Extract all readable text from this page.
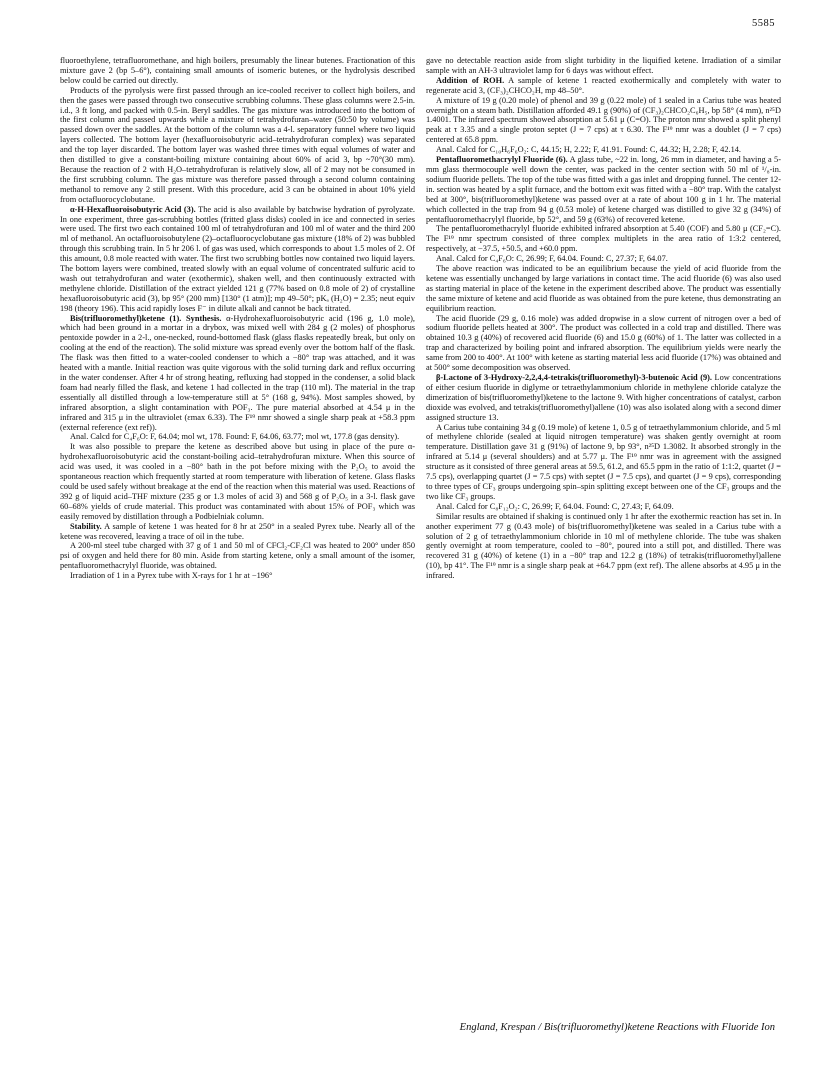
5585

fluoroethylene, tetrafluoromethane, and high boilers, presumably the linear butenes. Fractionation of this mixture gave 2 (bp 5–6°), containing small amounts of isomeric butenes, or the hydrolysis described below could be carried out directly.

Products of the pyrolysis were first passed through an ice-cooled receiver to collect high boilers, and then the gases were passed through two consecutive scrubbing columns. These glass columns were 2.5-in. i.d., 3 ft long, and packed with 0.5-in. Beryl saddles. The gas mixture was introduced into the bottom of the first column and passed upwards while a mixture of tetrahydrofuran–water (50:50 by volume) was passed down over the saddles. At the bottom of the column was a 4-l. separatory funnel where two liquid layers collected. The bottom layer (hexafluoroisobutyric acid–tetrahydrofuran complex) was separated and the top layer discarded. The bottom layer was washed three times with equal volumes of water and then distilled to give a constant-boiling mixture containing about 60% of acid 3, bp ~70°(30 mm). Because the reaction of 2 with H₂O–tetrahydrofuran is relatively slow, all of 2 may not be consumed in the first scrubbing column. The gas mixture was therefore passed through a second column containing methanol to remove any 2 still present. With this procedure, acid 3 can be obtained in about 10% yield from octafluorocyclobutane.

α-H-Hexafluoroisobutyric Acid (3). The acid is also available by batchwise hydration of pyrolyzate. In one experiment, three gas-scrubbing bottles (fritted glass disks) cooled in ice and connected in series were used. The first two each contained 100 ml of tetrahydrofuran and 100 ml of water and the third 200 ml of methanol. An octafluoroisobutylene (2)–octafluorocyclobutane gas mixture (18% of 2) was bubbled through this scrubbing train. In 5 hr 206 l. of gas was used, which corresponds to about 1.5 moles of 2. Of this amount, 0.8 mole reacted with water. The first two scrubbing bottles now contained two liquid layers. The bottom layers were combined, treated slowly with an equal volume of concentrated sulfuric acid to wash out tetrahydrofuran and water (exothermic), shaken well, and then continuously extracted with methylene chloride. Distillation of the extract yielded 121 g (77% based on 0.8 mole of 2) of crystalline hexafluoroisobutyric acid (3), bp 95° (200 mm) [130° (1 atm)]; mp 49–50°; pKₐ (H₂O) = 2.35; neut equiv 198 (theory 196). This acid rapidly loses F⁻ in dilute alkali and cannot be back titrated.

Bis(trifluoromethyl)ketene (1). Synthesis. α-Hydrohexafluoroisobutyric acid (196 g, 1.0 mole), which had been ground in a mortar in a drybox, was mixed well with 284 g (2 moles) of phosphorus pentoxide powder in a 2-l., one-necked, round-bottomed flask (glass flasks repeatedly break, but only on cooling at the end of the reaction). The solid mixture was spread evenly over the bottom half of the flask. The flask was then fitted to a water-cooled condenser to which a −80° trap was attached, and it was heated with a mantle. Initial reaction was quite vigorous with the solid turning dark and reflux occurring in the water condenser. After 4 hr of strong heating, refluxing had stopped in the condenser, a solid black foam had nearly filled the flask, and ketene 1 had collected in the trap (110 ml). The material in the trap essentially all distilled through a low-temperature still at 5° (168 g, 94%). Most samples showed, by infrared absorption, a slight contamination with POF₃. The pure material absorbed at 4.54 μ in the infrared and 315 μ in the ultraviolet (εmax 6.33). The F¹⁹ nmr showed a single sharp peak at +58.3 ppm (external reference (ext ref)).

Anal. Calcd for C₄F₆O: F, 64.04; mol wt, 178. Found: F, 64.06, 63.77; mol wt, 177.8 (gas density).

It was also possible to prepare the ketene as described above but using in place of the pure α-hydrohexafluoroisobutyric acid the constant-boiling acid–tetrahydrofuran mixture. When this source of acid was used, it was cooled in a −80° bath in the pot before mixing with the P₂O₅ to avoid the spontaneous reaction which frequently started at room temperature with liberation of ketene. Glass flasks could be used safely without breakage at the end of the reaction when this material was used. Reactions of 392 g of liquid acid–THF mixture (235 g or 1.3 moles of acid 3) and 568 g of P₂O₅ in a 3-l. flask gave 60–68% yields of crude material. This product was contaminated with about 15% of POF₃ which was easily removed by distillation through a Podbielniak column.

Stability. A sample of ketene 1 was heated for 8 hr at 250° in a sealed Pyrex tube. Nearly all of the ketene was recovered, leaving a trace of oil in the tube.

A 200-ml steel tube charged with 37 g of 1 and 50 ml of CFCl₂-CF₂Cl was heated to 200° under 850 psi of oxygen and held there for 80 min. Aside from starting ketene, only a small amount of the isomer, pentafluoromethacrylyl fluoride, was obtained.

Irradiation of 1 in a Pyrex tube with X-rays for 1 hr at −196°

gave no detectable reaction aside from slight turbidity in the liquified ketene. Irradiation of a similar sample with an AH-3 ultraviolet lamp for 6 days was without effect.

Addition of ROH. A sample of ketene 1 reacted exothermically and completely with water to regenerate acid 3, (CF₃)₂CHCO₂H, mp 48–50°.

A mixture of 19 g (0.20 mole) of phenol and 39 g (0.22 mole) of 1 sealed in a Carius tube was heated overnight on a steam bath. Distillation afforded 49.1 g (90%) of (CF₃)₂CHCO₂C₆H₅, bp 58° (4 mm), n²⁵D 1.4001. The infrared spectrum showed absorption at 5.61 μ (C=O). The proton nmr showed a split phenyl peak at τ 3.35 and a single proton septet (J = 7 cps) at τ 6.30. The F¹⁹ nmr was a doublet (J = 7 cps) centered at 65.8 ppm.

Anal. Calcd for C₁₀H₆F₆O₂: C, 44.15; H, 2.22; F, 41.91. Found: C, 44.32; H, 2.28; F, 42.14.

Pentafluoromethacrylyl Fluoride (6). A glass tube, ~22 in. long, 26 mm in diameter, and having a 5-mm glass thermocouple well down the center, was packed in the center section with 50 ml of ¹/₈-in. sodium fluoride pellets. The top of the tube was fitted with a gas inlet and dropping funnel. The center 12-in. section was heated by a split furnace, and the bottom exit was fitted with a −80° trap. With the catalyst bed at 300°, bis(trifluoromethyl)ketene was passed over at a rate of about 100 g in 1 hr. The material which collected in the trap from 94 g (0.53 mole) of ketene charged was distilled to give 32 g (34%) of pentafluoromethacrylyl fluoride, bp 52°, and 59 g (63%) of recovered ketene.

The pentafluoromethacrylyl fluoride exhibited infrared absorption at 5.40 (COF) and 5.80 μ (CF₂=C). The F¹⁹ nmr spectrum consisted of three complex multiplets in the area ratio of 1:3:2 centered, respectively, at −37.5, +50.5, and +60.0 ppm.

Anal. Calcd for C₄F₆O: C, 26.99; F, 64.04. Found: C, 27.37; F, 64.07.

The above reaction was indicated to be an equilibrium because the yield of acid fluoride from the ketene was essentially unchanged by large variations in contact time. The acid fluoride (6) was also used as starting material in place of the ketene in the experiment described above. The product was essentially the same mixture of ketene and acid fluoride as was obtained from the pure ketene, thus demonstrating an equilibrium reaction.

The acid fluoride (29 g, 0.16 mole) was added dropwise in a slow current of nitrogen over a bed of sodium fluoride pellets heated at 300°. The product was collected in a cold trap and distilled. There was obtained 10.3 g (40%) of recovered acid fluoride (6) and 15.0 g (60%) of 1. The latter was collected in a trap and characterized by boiling point and infrared absorption. The equilibrium yields were nearly the same from 200 to 400°. At 100° with ketene as starting material less acid fluoride (17%) was obtained and at 500° some decomposition was observed.

β-Lactone of 3-Hydroxy-2,2,4,4-tetrakis(trifluoromethyl)-3-butenoic Acid (9). Low concentrations of either cesium fluoride in diglyme or tetraethylammonium chloride in methylene chloride catalyze the dimerization of bis(trifluoromethyl)ketene to the lactone 9. With higher concentrations of catalyst, carbon dioxide was evolved, and tetrakis(trifluoromethyl)allene (10) was also isolated along with a second dimer assigned structure 13.

A Carius tube containing 34 g (0.19 mole) of ketene 1, 0.5 g of tetraethylammonium chloride, and 5 ml of methylene chloride (sealed at liquid nitrogen temperature) was shaken gently overnight at room temperature. Distillation gave 31 g (91%) of lactone 9, bp 93°, n²⁵D 1.3082. It absorbed strongly in the infrared at 5.14 μ (several shoulders) and at 5.77 μ. The F¹⁹ nmr was in agreement with the assigned structure as it consisted of three general areas at 59.5, 61.2, and 65.5 ppm in the ratio of 1:1:2, quartet (J = 7.5 cps), overlapping quartet (J = 7.5 cps) with septet (J = 7.5 cps), and quartet (J = 9 cps), corresponding to three types of CF₃ groups undergoing spin–spin splitting except between one of the CF₃ groups and the two like CF₃ groups.

Anal. Calcd for C₈F₁₂O₂: C, 26.99; F, 64.04. Found: C, 27.43; F, 64.09.

Similar results are obtained if shaking is continued only 1 hr after the exothermic reaction has set in. In another experiment 77 g (0.43 mole) of bis(trifluoromethyl)ketene was sealed in a Carius tube with a solution of 2 g of tetraethylammonium chloride in 10 ml of methylene chloride. The tube was shaken gently overnight at room temperature, cooled to −80°, poured into a still pot, and distilled. There was recovered 31 g (40%) of ketene (1) in a −80° trap and 12.2 g (18%) of tetrakis(trifluoromethyl)allene (10), bp 41°. The F¹⁹ nmr is a single sharp peak at +64.7 ppm (ext ref). The allene absorbs at 4.95 μ in the infrared.

England, Krespan / Bis(trifluoromethyl)ketene Reactions with Fluoride Ion
